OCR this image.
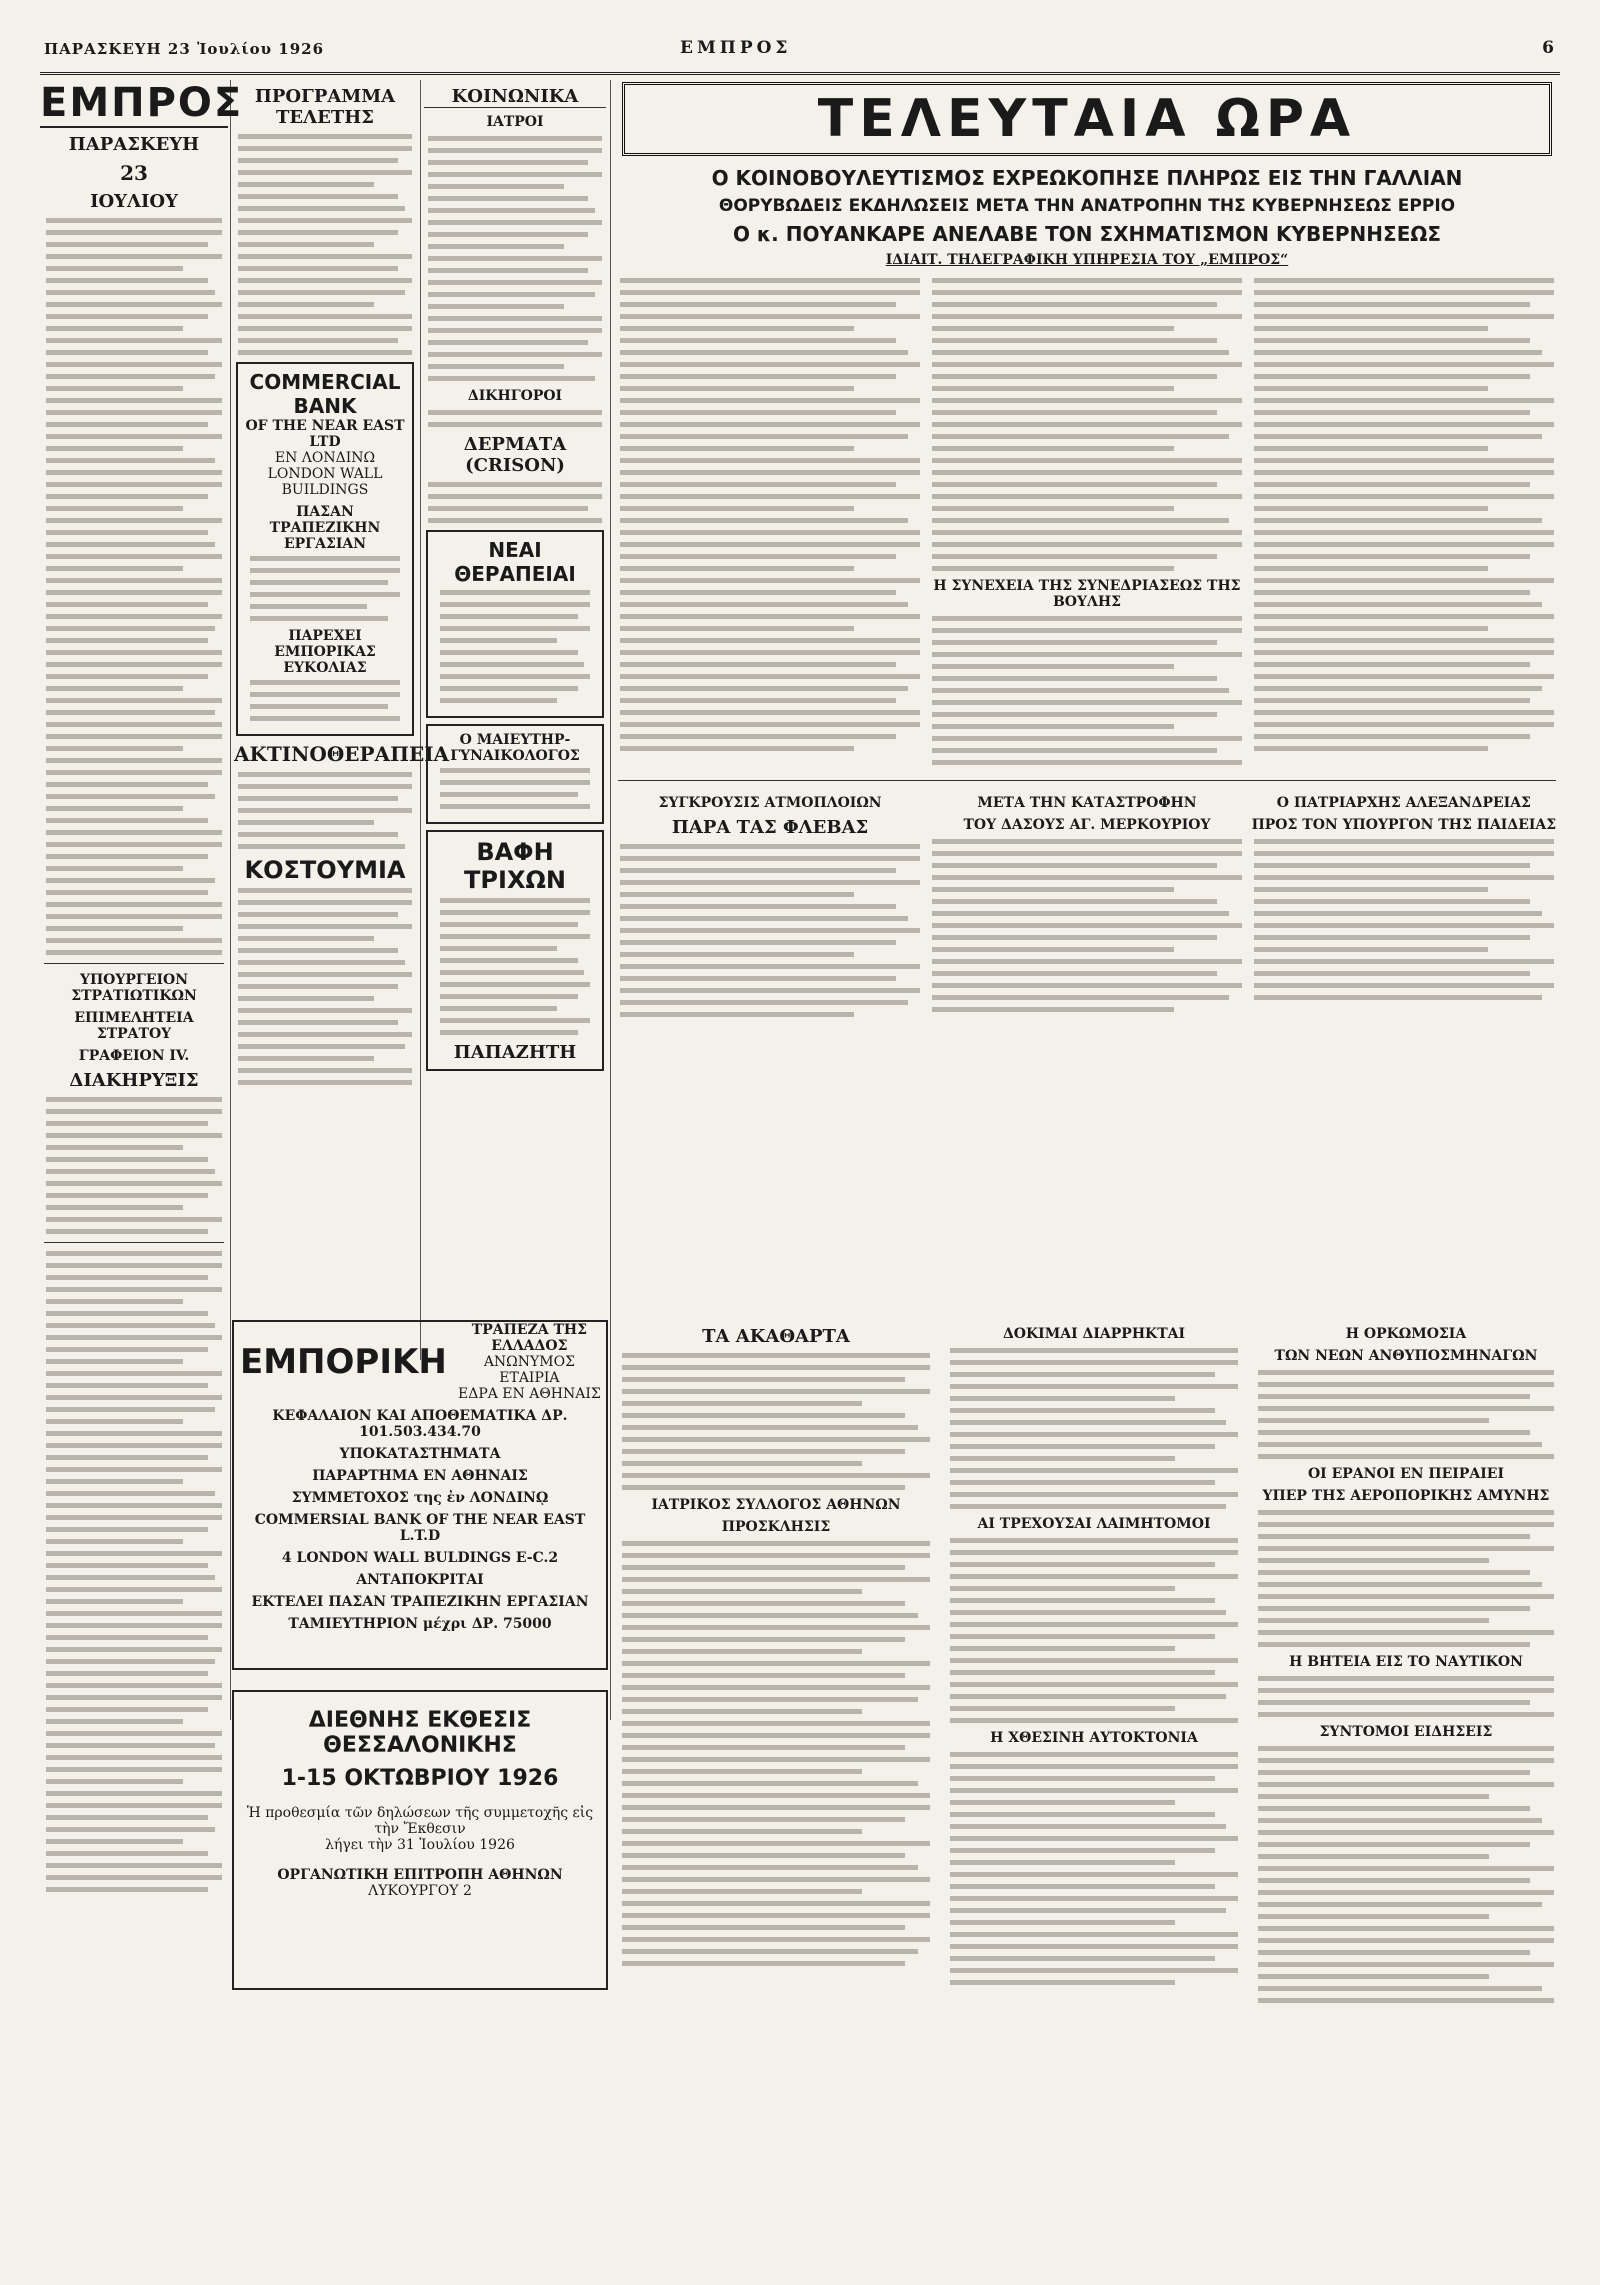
ΠΑΡΑΣΚΕΥΗ 23 Ἰουλίου 1926	ΕΜΠΡΟΣ	6
ΕΜΠΡΟΣ
ΠΑΡΑΣΚΕΥΗ
23
ΙΟΥΛΙΟΥ
ΥΠΟΥΡΓΕΙΟΝ ΣΤΡΑΤΙΩΤΙΚΩΝ
ΕΠΙΜΕΛΗΤΕΙΑ ΣΤΡΑΤΟΥ
ΓΡΑΦΕΙΟΝ IV.
ΔΙΑΚΗΡΥΞΙΣ
ΠΡΟΓΡΑΜΜΑ ΤΕΛΕΤΗΣ
COMMERCIAL BANK
OF THE NEAR EAST LTD
ΕΝ ΛΟΝΔΙΝΩ
LONDON WALL BUILDINGS
ΠΑΣΑΝ ΤΡΑΠΕΖΙΚΗΝ ΕΡΓΑΣΙΑΝ
ΠΑΡΕΧΕΙ ΕΜΠΟΡΙΚΑΣ ΕΥΚΟΛΙΑΣ
ΑΚΤΙΝΟΘΕΡΑΠΕΙΑ
ΚΟΣΤΟΥΜΙΑ
ΚΟΙΝΩΝΙΚΑ
ΙΑΤΡΟΙ
ΔΙΚΗΓΟΡΟΙ
ΔΕΡΜΑΤΑ (CRISON)
ΝΕΑΙ ΘΕΡΑΠΕΙΑΙ
Ο ΜΑΙΕΥΤΗΡ-ΓΥΝΑΙΚΟΛΟΓΟΣ
ΒΑΦΗ ΤΡΙΧΩΝ
ΠΑΠΑΖΗΤΗ
ΤΕΛΕΥΤΑΙΑ ΩΡΑ
Ο ΚΟΙΝΟΒΟΥΛΕΥΤΙΣΜΟΣ ΕΧΡΕΩΚΟΠΗΣΕ ΠΛΗΡΩΣ ΕΙΣ ΤΗΝ ΓΑΛΛΙΑΝ
ΘΟΡΥΒΩΔΕΙΣ ΕΚΔΗΛΩΣΕΙΣ ΜΕΤΑ ΤΗΝ ΑΝΑΤΡΟΠΗΝ ΤΗΣ ΚΥΒΕΡΝΗΣΕΩΣ ΕΡΡΙΟ
Ο κ. ΠΟΥΑΝΚΑΡΕ ΑΝΕΛΑΒΕ ΤΟΝ ΣΧΗΜΑΤΙΣΜΟΝ ΚΥΒΕΡΝΗΣΕΩΣ
ΙΔΙΑΙΤ. ΤΗΛΕΓΡΑΦΙΚΗ ΥΠΗΡΕΣΙΑ ΤΟΥ „ΕΜΠΡΟΣ“
Η ΣΥΝΕΧΕΙΑ ΤΗΣ ΣΥΝΕΔΡΙΑΣΕΩΣ ΤΗΣ ΒΟΥΛΗΣ
ΣΥΓΚΡΟΥΣΙΣ ΑΤΜΟΠΛΟΙΩΝ
ΠΑΡΑ ΤΑΣ ΦΛΕΒΑΣ
ΜΕΤΑ ΤΗΝ ΚΑΤΑΣΤΡΟΦΗΝ
ΤΟΥ ΔΑΣΟΥΣ ΑΓ. ΜΕΡΚΟΥΡΙΟΥ
Ο ΠΑΤΡΙΑΡΧΗΣ ΑΛΕΞΑΝΔΡΕΙΑΣ
ΠΡΟΣ ΤΟΝ ΥΠΟΥΡΓΟΝ ΤΗΣ ΠΑΙΔΕΙΑΣ
ΕΜΠΟΡΙΚΗ
ΤΡΑΠΕΖΑ ΤΗΣ ΕΛΛΑΔΟΣ
ΑΝΩΝΥΜΟΣ ΕΤΑΙΡΙΑ
ΕΔΡΑ ΕΝ ΑΘΗΝΑΙΣ
ΚΕΦΑΛΑΙΟΝ ΚΑΙ ΑΠΟΘΕΜΑΤΙΚΑ ΔΡ. 101.503.434.70
ΥΠΟΚΑΤΑΣΤΗΜΑΤΑ
ΠΑΡΑΡΤΗΜΑ ΕΝ ΑΘΗΝΑΙΣ
ΣΥΜΜΕΤΟΧΟΣ της ἐν ΛΟΝΔΙΝῼ
COMMERSIAL BANK OF THE NEAR EAST L.T.D
4 LONDON WALL BULDINGS E-C.2
ΑΝΤΑΠΟΚΡΙΤΑΙ
ΕΚΤΕΛΕΙ ΠΑΣΑΝ ΤΡΑΠΕΖΙΚΗΝ ΕΡΓΑΣΙΑΝ
ΤΑΜΙΕΥΤΗΡΙΟΝ μέχρι ΔΡ. 75000
ΔΙΕΘΝΗΣ ΕΚΘΕΣΙΣ ΘΕΣΣΑΛΟΝΙΚΗΣ
1-15 ΟΚΤΩΒΡΙΟΥ 1926
Ἡ προθεσμία τῶν δηλώσεων τῆς συμμετοχῆς εἰς τὴν Ἔκθεσιν
λήγει τὴν 31 Ἰουλίου 1926
ΟΡΓΑΝΩΤΙΚΗ ΕΠΙΤΡΟΠΗ ΑΘΗΝΩΝ
ΛΥΚΟΥΡΓΟΥ 2
ΤΑ ΑΚΑΘΑΡΤΑ
ΙΑΤΡΙΚΟΣ ΣΥΛΛΟΓΟΣ ΑΘΗΝΩΝ
ΠΡΟΣΚΛΗΣΙΣ
ΔΟΚΙΜΑΙ ΔΙΑΡΡΗΚΤΑΙ
ΑΙ ΤΡΕΧΟΥΣΑΙ ΛΑΙΜΗΤΟΜΟΙ
Η ΧΘΕΣΙΝΗ ΑΥΤΟΚΤΟΝΙΑ
Η ΟΡΚΩΜΟΣΙΑ
ΤΩΝ ΝΕΩΝ ΑΝΘΥΠΟΣΜΗΝΑΓΩΝ
ΟΙ ΕΡΑΝΟΙ ΕΝ ΠΕΙΡΑΙΕΙ
ΥΠΕΡ ΤΗΣ ΑΕΡΟΠΟΡΙΚΗΣ ΑΜΥΝΗΣ
Η ΒΗΤΕΙΑ ΕΙΣ ΤΟ ΝΑΥΤΙΚΟΝ
ΣΥΝΤΟΜΟΙ ΕΙΔΗΣΕΙΣ
